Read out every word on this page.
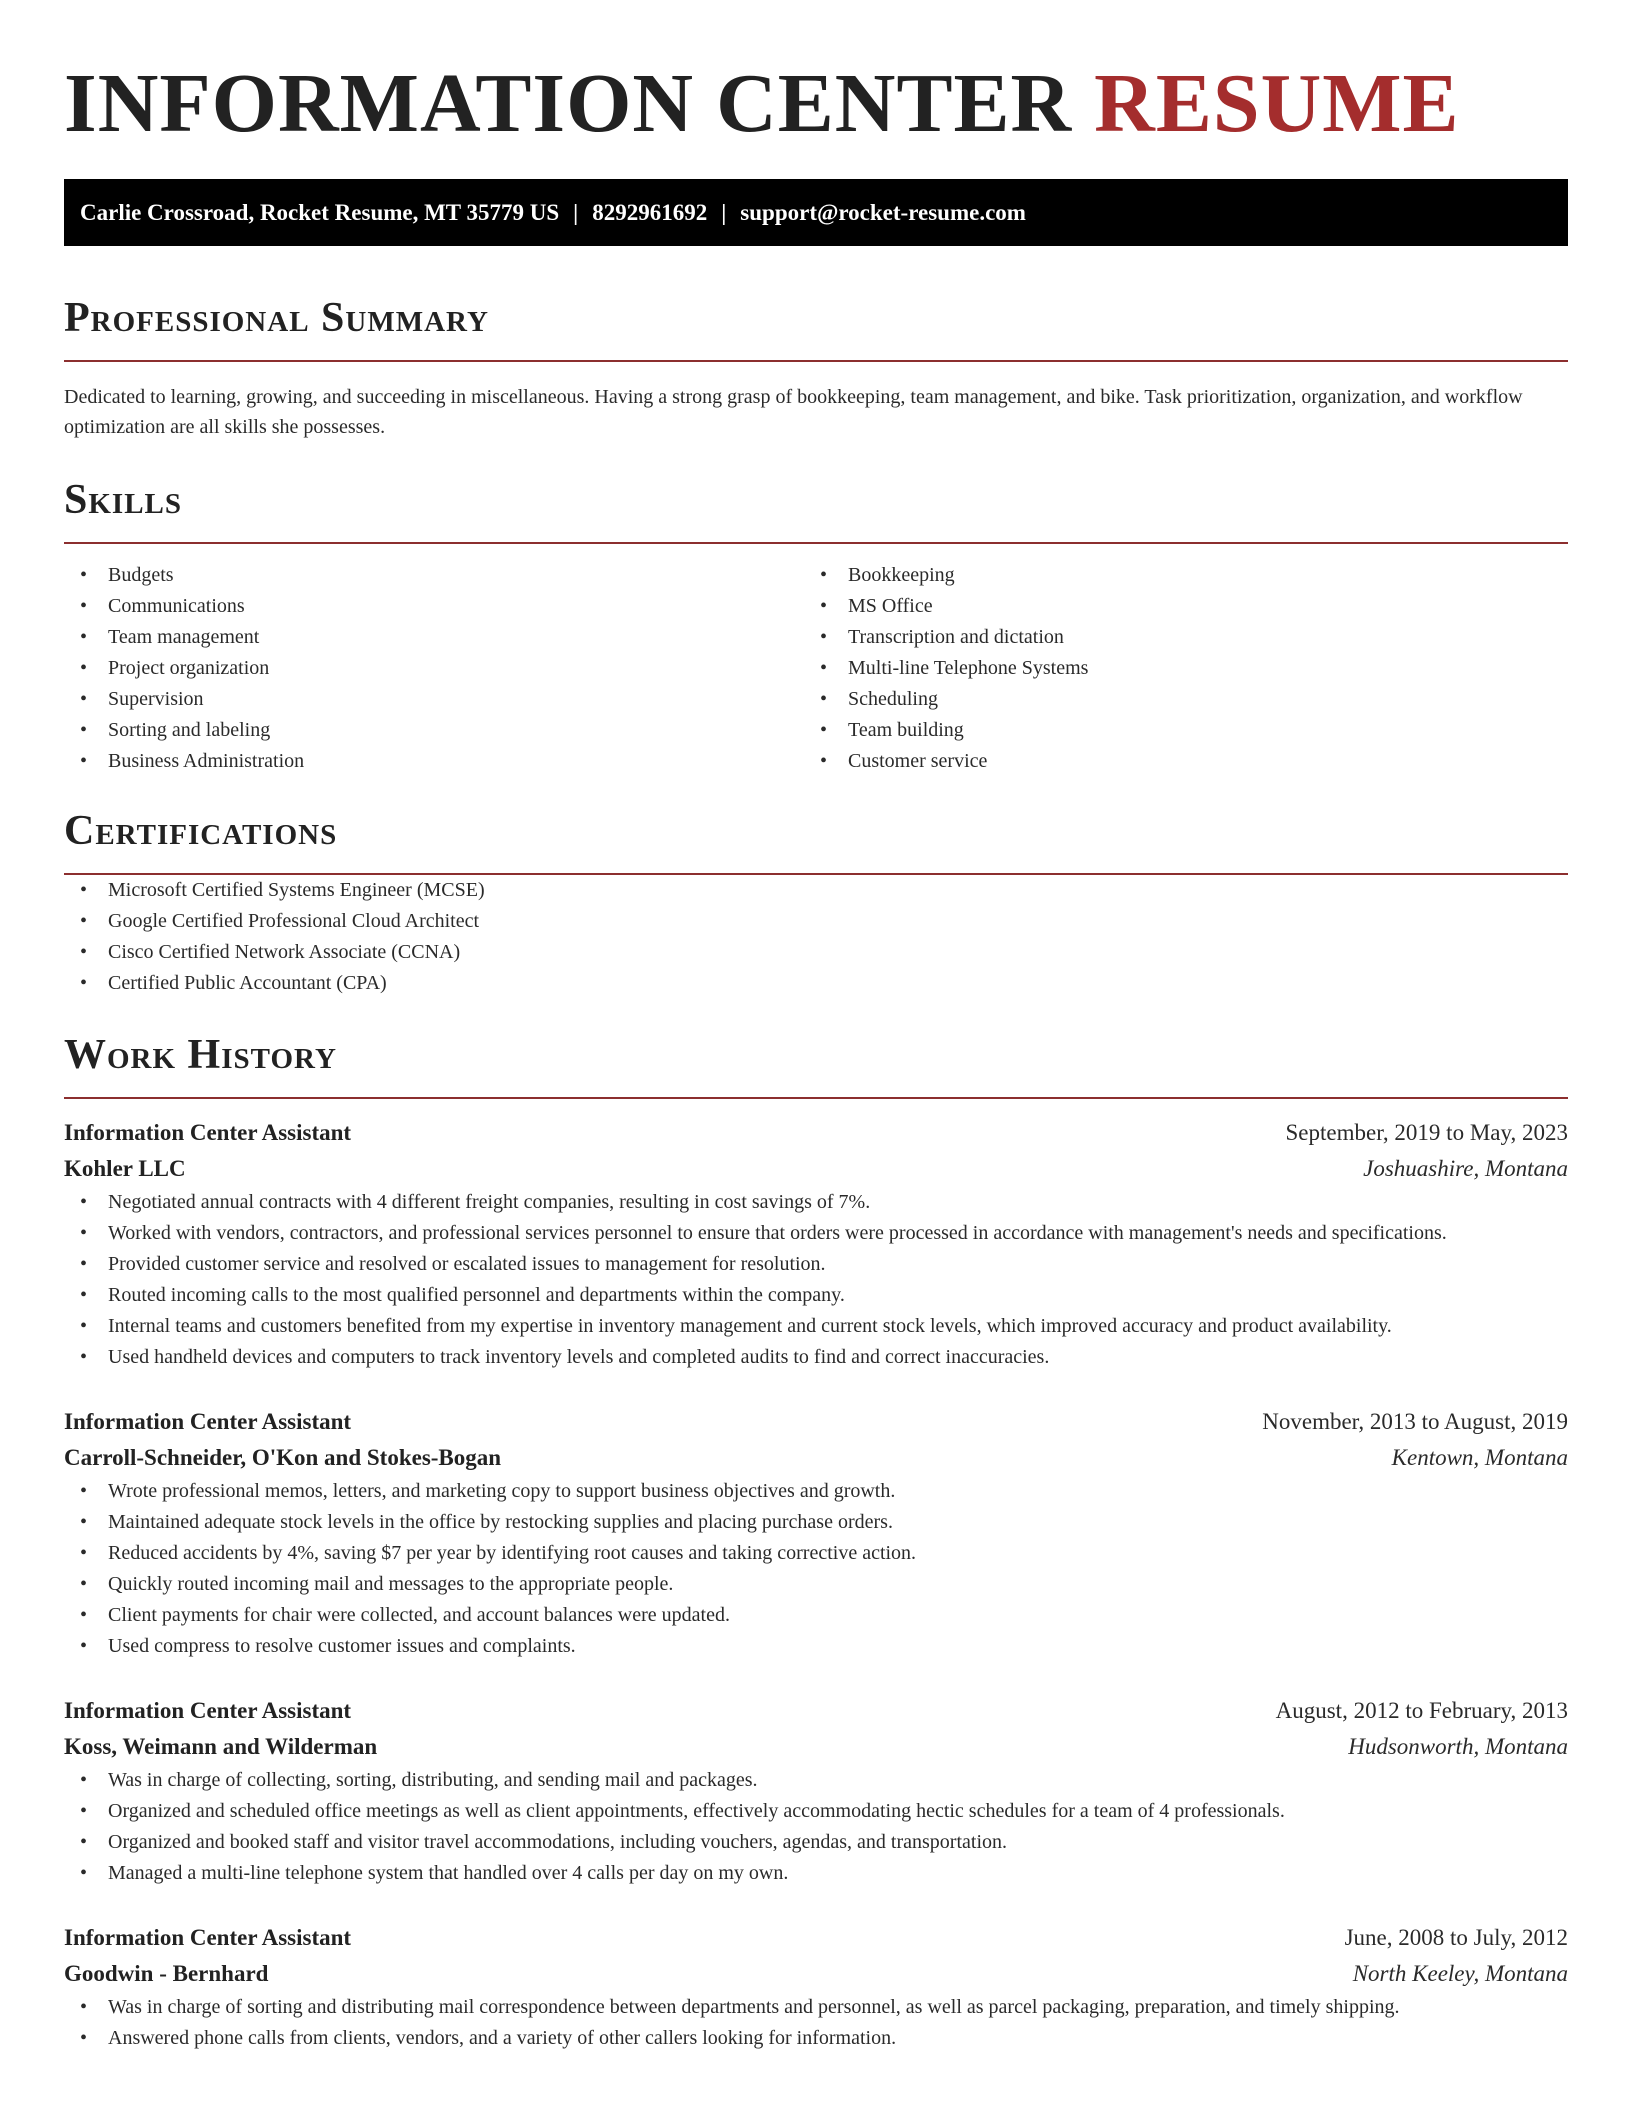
INFORMATION CENTER RESUME
Carlie Crossroad, Rocket Resume, MT 35779 US | 8292961692 | support@rocket-resume.com
Professional Summary

Dedicated to learning, growing, and succeeding in miscellaneous. Having a strong grasp of bookkeeping, team management, and bike. Task prioritization, organization, and workflow optimization are all skills she possesses.

Skills
• Budgets
• Communications
• Team management
• Project organization
• Supervision
• Sorting and labeling
• Business Administration
• Bookkeeping
• MS Office
• Transcription and dictation
• Multi-line Telephone Systems
• Scheduling
• Team building
• Customer service
Certifications
• Microsoft Certified Systems Engineer (MCSE)
• Google Certified Professional Cloud Architect
• Cisco Certified Network Associate (CCNA)
• Certified Public Accountant (CPA)
Work History
Information Center Assistant	September, 2019 to May, 2023
Kohler LLC	Joshuashire, Montana
• Negotiated annual contracts with 4 different freight companies, resulting in cost savings of 7%.
• Worked with vendors, contractors, and professional services personnel to ensure that orders were processed in accordance with management's needs and specifications.
• Provided customer service and resolved or escalated issues to management for resolution.
• Routed incoming calls to the most qualified personnel and departments within the company.
• Internal teams and customers benefited from my expertise in inventory management and current stock levels, which improved accuracy and product availability.
• Used handheld devices and computers to track inventory levels and completed audits to find and correct inaccuracies.
Information Center Assistant	November, 2013 to August, 2019
Carroll-Schneider, O'Kon and Stokes-Bogan	Kentown, Montana
• Wrote professional memos, letters, and marketing copy to support business objectives and growth.
• Maintained adequate stock levels in the office by restocking supplies and placing purchase orders.
• Reduced accidents by 4%, saving $7 per year by identifying root causes and taking corrective action.
• Quickly routed incoming mail and messages to the appropriate people.
• Client payments for chair were collected, and account balances were updated.
• Used compress to resolve customer issues and complaints.
Information Center Assistant	August, 2012 to February, 2013
Koss, Weimann and Wilderman	Hudsonworth, Montana
• Was in charge of collecting, sorting, distributing, and sending mail and packages.
• Organized and scheduled office meetings as well as client appointments, effectively accommodating hectic schedules for a team of 4 professionals.
• Organized and booked staff and visitor travel accommodations, including vouchers, agendas, and transportation.
• Managed a multi-line telephone system that handled over 4 calls per day on my own.
Information Center Assistant	June, 2008 to July, 2012
Goodwin - Bernhard	North Keeley, Montana
• Was in charge of sorting and distributing mail correspondence between departments and personnel, as well as parcel packaging, preparation, and timely shipping.
• Answered phone calls from clients, vendors, and a variety of other callers looking for information.
